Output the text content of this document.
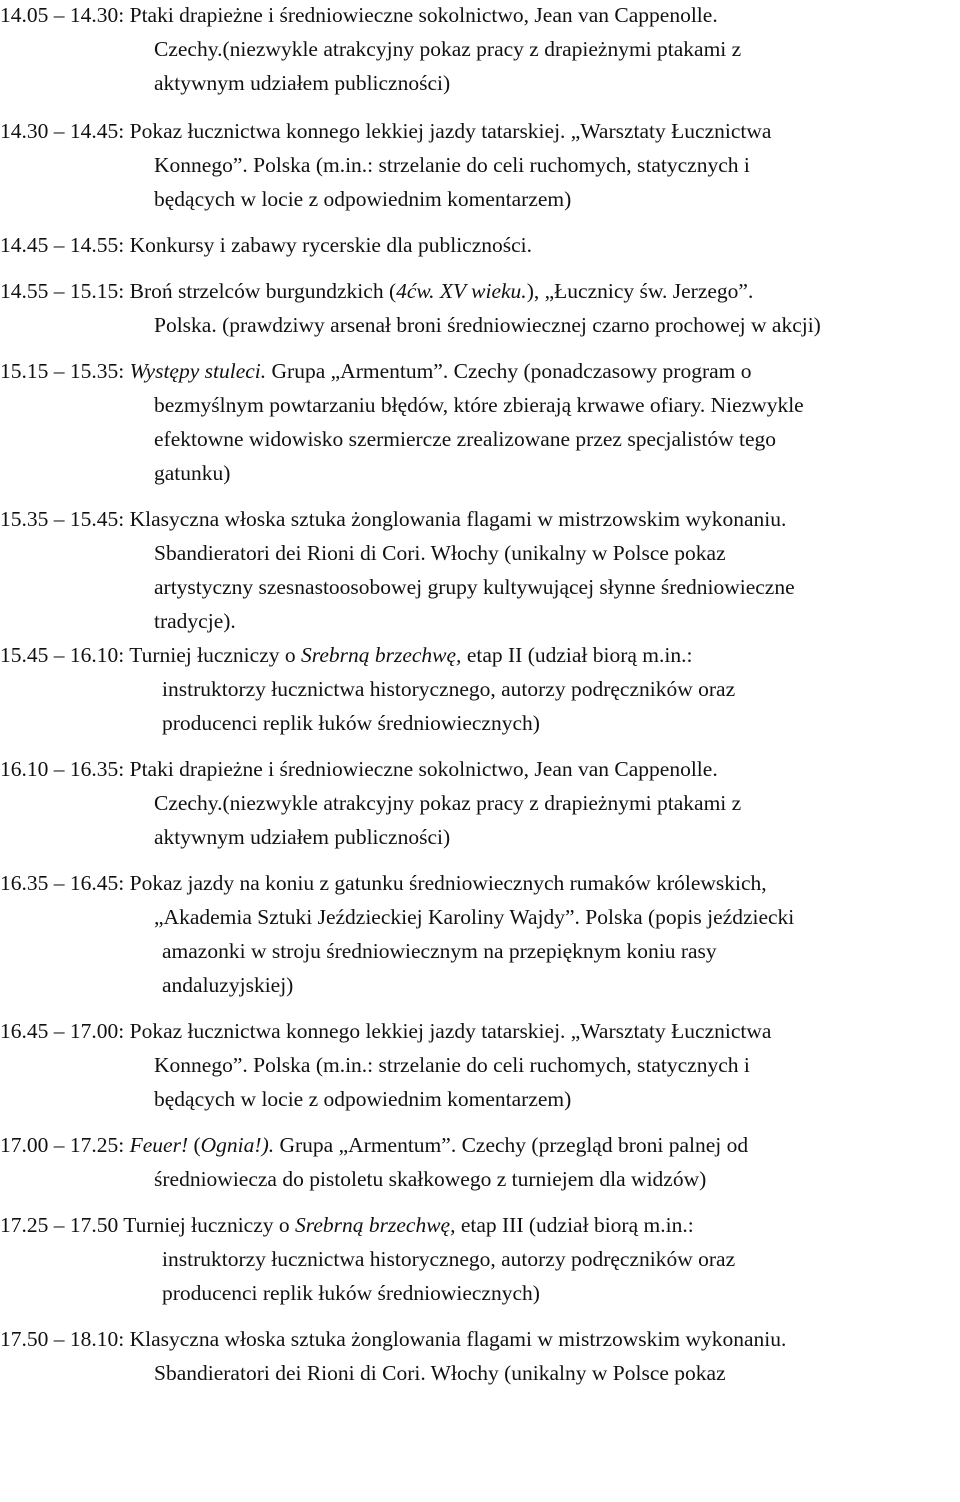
14.05 – 14.30: Ptaki drapieżne i średniowieczne sokolnictwo, Jean van Cappenolle.
Czechy.(niezwykle atrakcyjny pokaz pracy z drapieżnymi ptakami z
aktywnym udziałem publiczności)
14.30 – 14.45: Pokaz łucznictwa konnego lekkiej jazdy tatarskiej. „Warsztaty Łucznictwa
Konnego”. Polska (m.in.: strzelanie do celi ruchomych, statycznych i
będących w locie z odpowiednim komentarzem)
14.45 – 14.55: Konkursy i zabawy rycerskie dla publiczności.
14.55 – 15.15: Broń strzelców burgundzkich (4ćw. XV wieku.), „Łucznicy św. Jerzego”.
Polska. (prawdziwy arsenał broni średniowiecznej czarno prochowej w akcji)
15.15 – 15.35: Występy stuleci. Grupa „Armentum”. Czechy (ponadczasowy program o
bezmyślnym powtarzaniu błędów, które zbierają krwawe ofiary. Niezwykle
efektowne widowisko szermiercze zrealizowane przez specjalistów tego
gatunku)
15.35 – 15.45: Klasyczna włoska sztuka żonglowania flagami w mistrzowskim wykonaniu.
Sbandieratori dei Rioni di Cori. Włochy (unikalny w Polsce pokaz
artystyczny szesnastoosobowej grupy kultywującej słynne średniowieczne
tradycje).
15.45 – 16.10: Turniej łuczniczy o Srebrną brzechwę, etap II (udział biorą m.in.:
instruktorzy łucznictwa historycznego, autorzy podręczników oraz
producenci replik łuków średniowiecznych)
16.10 – 16.35: Ptaki drapieżne i średniowieczne sokolnictwo, Jean van Cappenolle.
Czechy.(niezwykle atrakcyjny pokaz pracy z drapieżnymi ptakami z
aktywnym udziałem publiczności)
16.35 – 16.45: Pokaz jazdy na koniu z gatunku średniowiecznych rumaków królewskich,
„Akademia Sztuki Jeździeckiej Karoliny Wajdy”. Polska (popis jeździecki
amazonki w stroju średniowiecznym na przepięknym koniu rasy
andaluzyjskiej)
16.45 – 17.00: Pokaz łucznictwa konnego lekkiej jazdy tatarskiej. „Warsztaty Łucznictwa
Konnego”. Polska (m.in.: strzelanie do celi ruchomych, statycznych i
będących w locie z odpowiednim komentarzem)
17.00 – 17.25: Feuer! (Ognia!). Grupa „Armentum”. Czechy (przegląd broni palnej od
średniowiecza do pistoletu skałkowego z turniejem dla widzów)
17.25 – 17.50 Turniej łuczniczy o Srebrną brzechwę, etap III (udział biorą m.in.:
instruktorzy łucznictwa historycznego, autorzy podręczników oraz
producenci replik łuków średniowiecznych)
17.50 – 18.10: Klasyczna włoska sztuka żonglowania flagami w mistrzowskim wykonaniu.
Sbandieratori dei Rioni di Cori. Włochy (unikalny w Polsce pokaz
